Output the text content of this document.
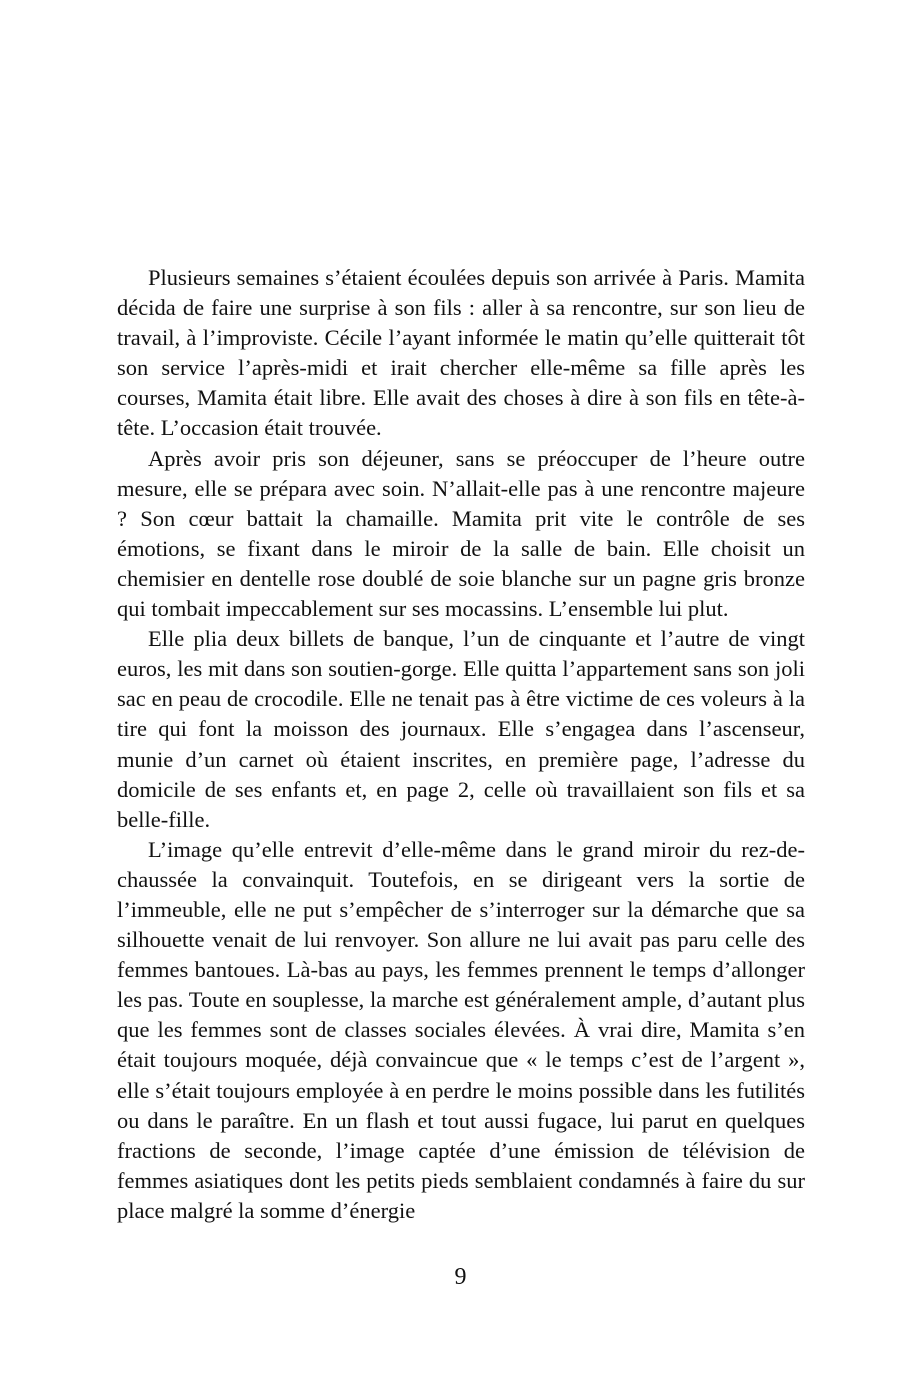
Plusieurs semaines s’étaient écoulées depuis son arrivée à Paris. Mamita décida de faire une surprise à son fils : aller à sa rencontre, sur son lieu de travail, à l’improviste. Cécile l’ayant informée le matin qu’elle quitterait tôt son service l’après-midi et irait chercher elle-même sa fille après les courses, Mamita était libre. Elle avait des choses à dire à son fils en tête-à-tête. L’occasion était trouvée.

Après avoir pris son déjeuner, sans se préoccuper de l’heure outre mesure, elle se prépara avec soin. N’allait-elle pas à une rencontre majeure ? Son cœur battait la chamaille. Mamita prit vite le contrôle de ses émotions, se fixant dans le miroir de la salle de bain. Elle choisit un chemisier en dentelle rose doublé de soie blanche sur un pagne gris bronze qui tombait impeccablement sur ses mocassins. L’ensemble lui plut.

Elle plia deux billets de banque, l’un de cinquante et l’autre de vingt euros, les mit dans son soutien-gorge. Elle quitta l’appartement sans son joli sac en peau de crocodile. Elle ne tenait pas à être victime de ces voleurs à la tire qui font la moisson des journaux. Elle s’engagea dans l’ascenseur, munie d’un carnet où étaient inscrites, en première page, l’adresse du domicile de ses enfants et, en page 2, celle où travaillaient son fils et sa belle-fille.

L’image qu’elle entrevit d’elle-même dans le grand miroir du rez-de-chaussée la convainquit. Toutefois, en se dirigeant vers la sortie de l’immeuble, elle ne put s’empêcher de s’interroger sur la démarche que sa silhouette venait de lui renvoyer. Son allure ne lui avait pas paru celle des femmes bantoues. Là-bas au pays, les femmes prennent le temps d’allonger les pas. Toute en souplesse, la marche est généralement ample, d’autant plus que les femmes sont de classes sociales élevées. À vrai dire, Mamita s’en était toujours moquée, déjà convaincue que « le temps c’est de l’argent », elle s’était toujours employée à en perdre le moins possible dans les futilités ou dans le paraître. En un flash et tout aussi fugace, lui parut en quelques fractions de seconde, l’image captée d’une émission de télévision de femmes asiatiques dont les petits pieds semblaient condamnés à faire du sur place malgré la somme d’énergie

9
